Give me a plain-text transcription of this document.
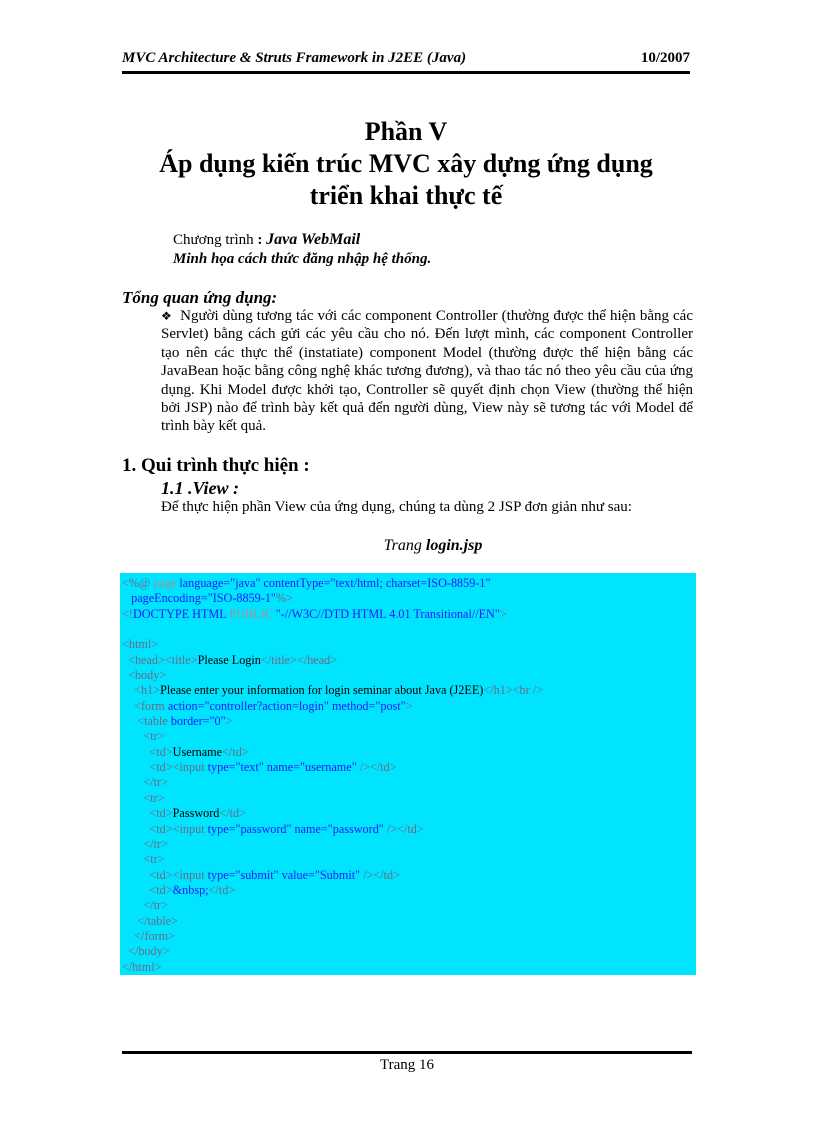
MVC Architecture & Struts Framework in J2EE (Java)	10/2007
Phần V
Áp dụng kiến trúc MVC xây dựng ứng dụng
triển khai thực tế
Chương trình : Java WebMail
Minh họa cách thức đăng nhập hệ thống.
Tổng quan ứng dụng:
❖ Người dùng tương tác với các component Controller (thường được thể hiện bằng các Servlet) bằng cách gửi các yêu cầu cho nó. Đến lượt mình, các component Controller tạo nên các thực thể (instatiate) component Model (thường được thể hiện bằng các JavaBean hoặc bằng công nghệ khác tương đương), và thao tác nó theo yêu cầu của ứng dụng. Khi Model được khởi tạo, Controller sẽ quyết định chọn View (thường thể hiện bởi JSP) nào để trình bày kết quả đến người dùng, View này sẽ tương tác với Model để trình bày kết quả.
1. Qui trình thực hiện :
1.1 .View :
Để thực hiện phần View của ứng dụng, chúng ta dùng 2 JSP đơn giản như sau:
Trang login.jsp
<%@ page language="java" contentType="text/html; charset=ISO-8859-1"
pageEncoding="ISO-8859-1"%>
<!DOCTYPE HTML PUBLIC "-//W3C//DTD HTML 4.01 Transitional//EN">
<html>
<head><title>Please Login</title></head>
<body>
<h1>Please enter your information for login seminar about Java (J2EE)</h1><br />
<form action="controller?action=login" method="post">
<table border="0">
<tr>
<td>Username</td>
<td><input type="text" name="username" /></td>
</tr>
<tr>
<td>Password</td>
<td><input type="password" name="password" /></td>
</tr>
<tr>
<td><input type="submit" value="Submit" /></td>
<td>&nbsp;</td>
</tr>
</table>
</form>
</body>
</html>
Trang 16
